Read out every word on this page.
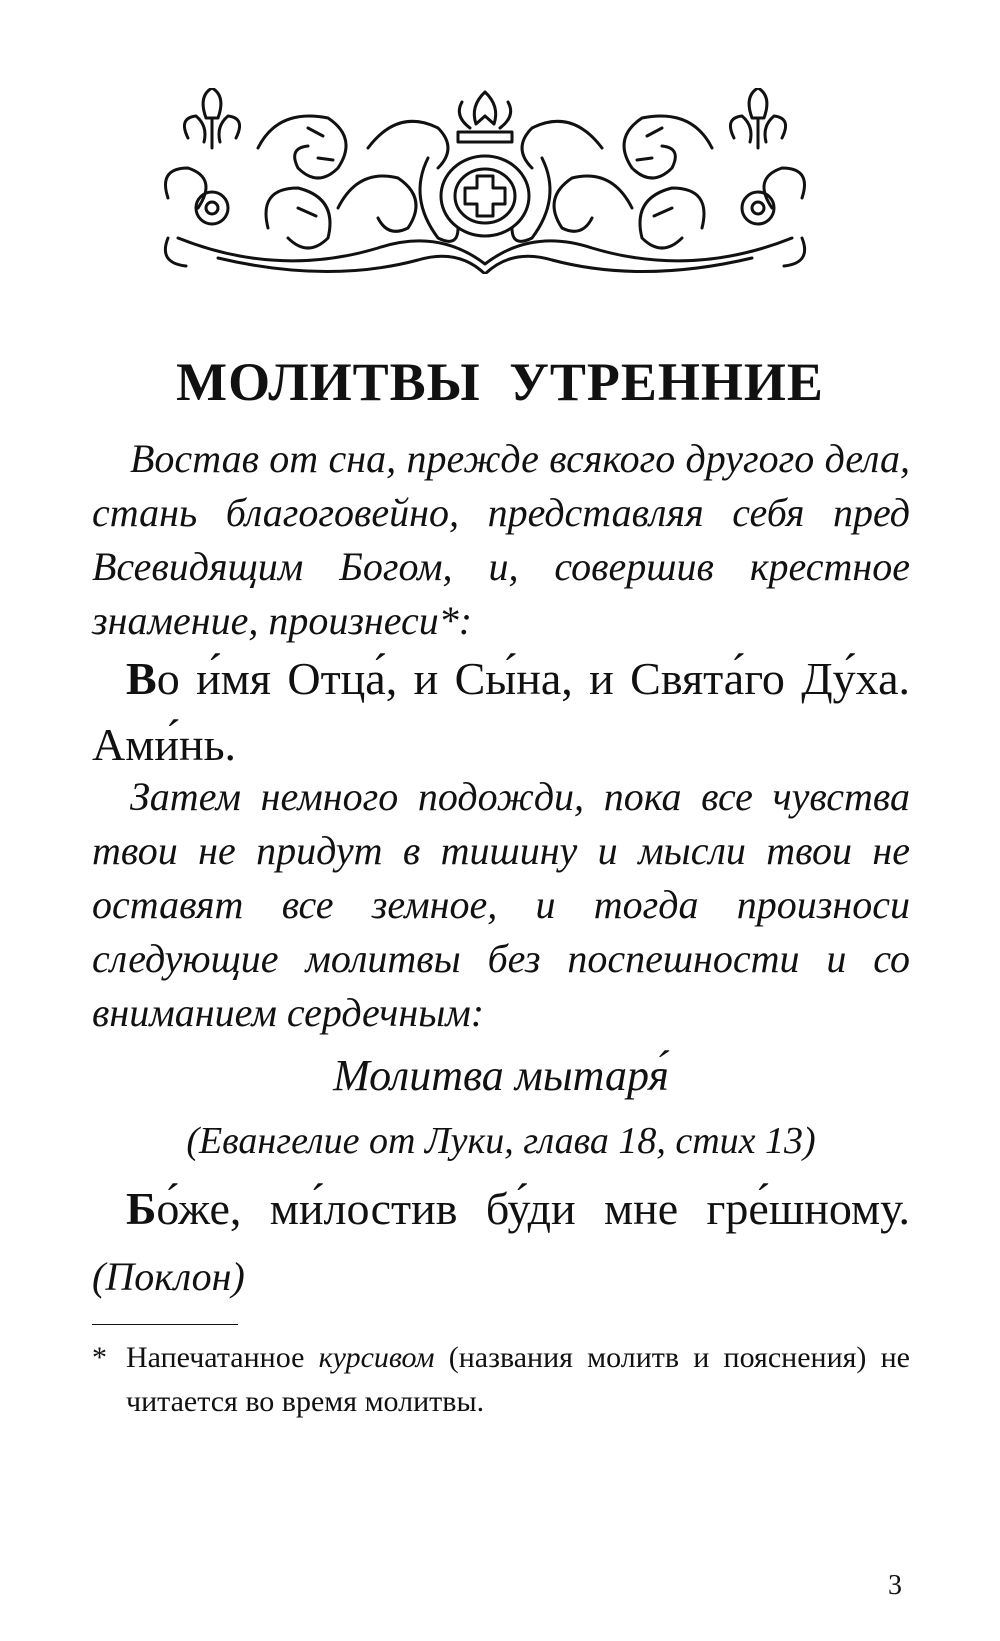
МОЛИТВЫ УТРЕННИЕ

Востав от сна, прежде всякого другого дела, стань благоговейно, представляя себя пред Всевидящим Богом, и, совершив крестное знамение, произнеси*:

Во и́мя Отца́, и Сы́на, и Свята́го Ду́ха. Ами́нь.

Затем немного подожди, пока все чувства твои не придут в тишину и мысли твои не оставят все земное, и тогда произноси следующие молитвы без поспешности и со вниманием сердечным:

Молитва мытаря́
(Евангелие от Луки, глава 18, стих 13)

Бо́же, ми́лостив бу́ди мне гре́шному. (Поклон)

* Напечатанное курсивом (названия молитв и пояснения) не читается во время молитвы.
3
